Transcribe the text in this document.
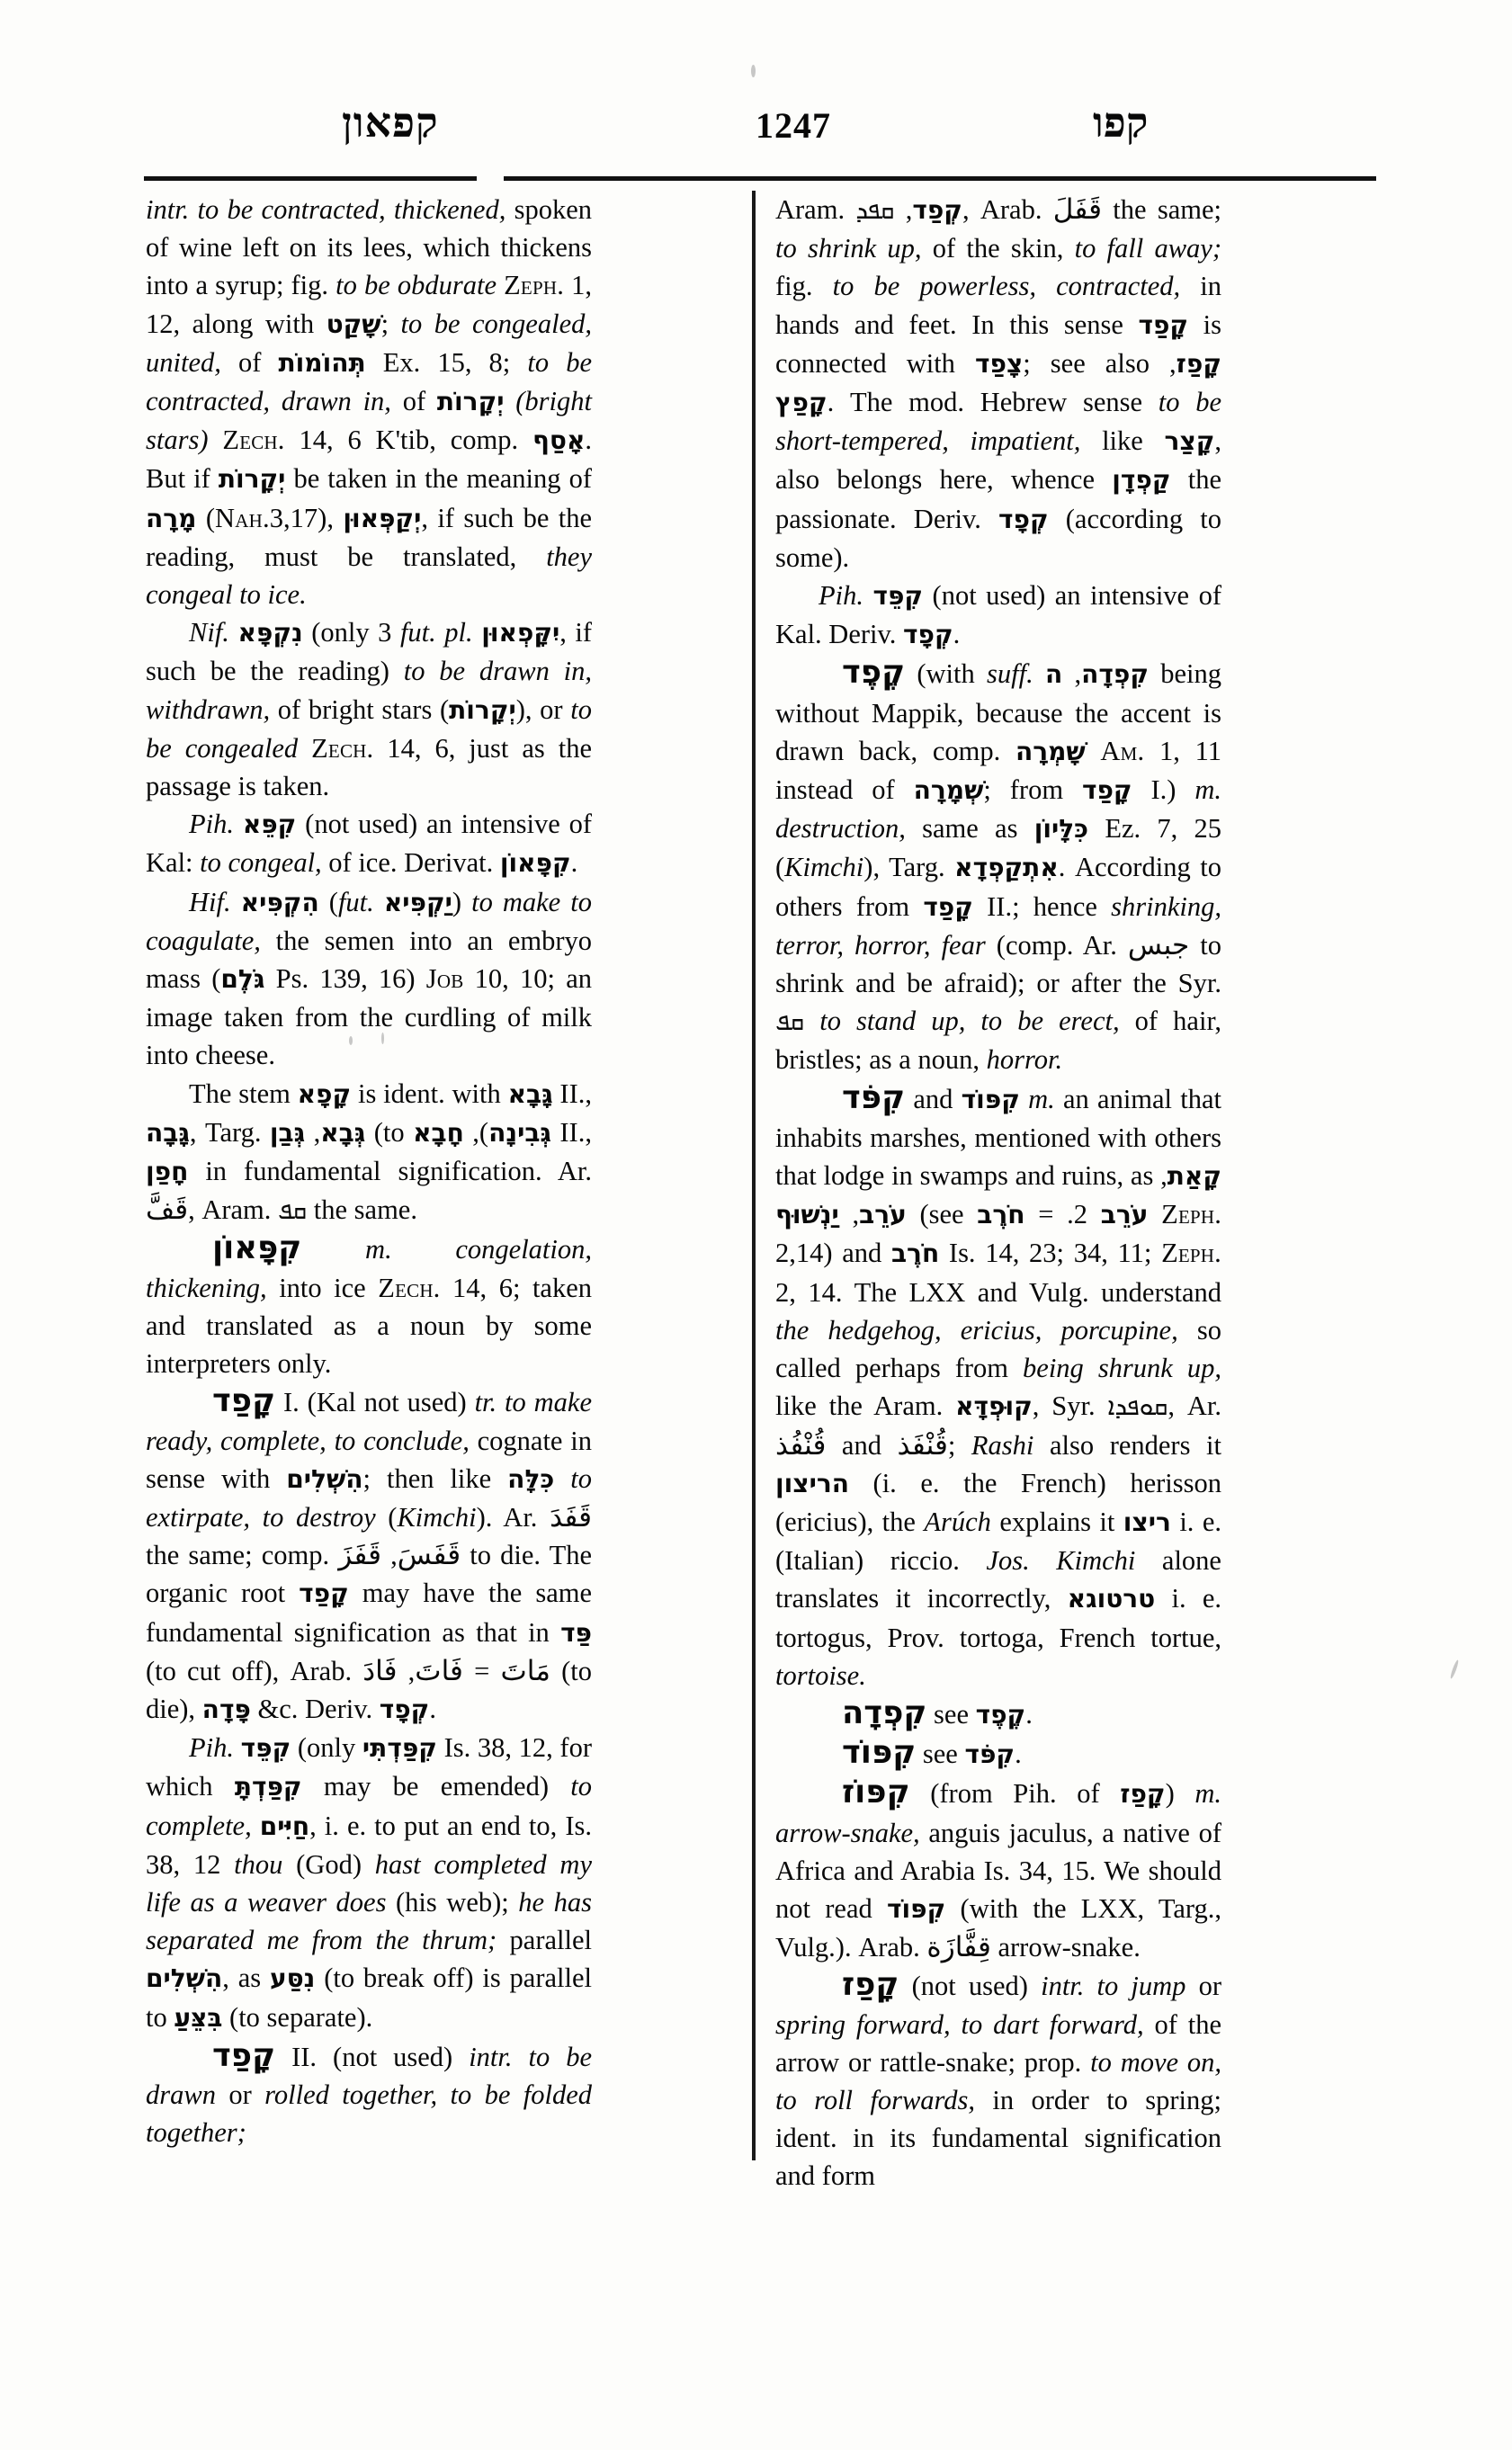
קפאון	1247	קפו

intr. to be contracted, thickened, spoken of wine left on its lees, which thickens into a syrup; fig. to be obdurate Zeph. 1, 12, along with שָׁקַט; to be congealed, united, of תְּהוֹמוֹת Ex. 15, 8; to be contracted, drawn in, of יְקָרוֹת (bright stars) Zech. 14, 6 K'tib, comp. אָסַף. But if יְקָרוֹת be taken in the meaning of מָרָה (Nah.3,17), יְקַפְּאוּן, if such be the reading, must be translated, they congeal to ice.

Nif. נִקְפָּא (only 3 fut. pl. יִקָּפְאוּן, if such be the reading) to be drawn in, withdrawn, of bright stars (יְקָרוֹת), or to be congealed Zech. 14, 6, just as the passage is taken.

Pih. קִפֵּא (not used) an intensive of Kal: to congeal, of ice. Derivat. קִפָּאוֹן.

Hif. הִקְפִּיא (fut. יַקְפִּיא) to make to coagulate, the semen into an embryo mass (גֹּלֶם Ps. 139, 16) Job 10, 10; an image taken from the curdling of milk into cheese.

The stem קָפָא is ident. with גָּבָא II., גָּבָה, Targ. גְּבָא, גְּבַן (to	גְּבִינָה), חָבָא	II., חָפַן in fundamental signification. Ar. قَفَّ, Aram. ܩܦ the same.

קִפָּאוֹן m. congelation, thickening, into ice Zech. 14, 6; taken and translated as a noun by some interpreters only.

קָפַד I. (Kal not used) tr. to make ready, complete, to conclude, cognate in sense with הִשְׁלִים; then like כִּלָּה to extirpate, to destroy (Kimchi). Ar. قَفَدَ the same; comp. قَفَسَ, قَفَزَ	to die. The organic root קָפַד may have the same fundamental signification as that in פַּד (to cut off), Arab.	مَاتَ = فَاتَ, فَادَ	(to die), פָּדָה &c. Deriv. קְפָד.

Pih. קִפֵּד (only קִפַּדְתִּי Is. 38, 12, for which קִפַּדְתָּ may be emended) to complete, חַיִּים, i. e. to put an end to, Is. 38, 12 thou (God) hast completed my life as a weaver does (his web); he has separated me from the thrum; parallel הִשְׁלִים, as נִסַּע (to break off) is parallel to בִּצֵּעַ (to separate).

קָפַד II. (not used) intr. to be drawn or rolled together, to be folded together;

Aram. קְפַד, ܩܦܕ , Arab. قَفَلَ the same; to shrink up, of the skin, to fall away; fig. to be powerless, contracted, in hands and feet. In this sense קָפַד is connected with צָפַד; see also קָפַז, קָפַץ. The mod. Hebrew sense to be short-tempered, impatient, like קָצַר, also belongs here, whence קַפְדָן the passionate. Deriv. קְפָד (according to some).

Pih. קִפֵּד (not used) an intensive of Kal. Deriv. קְפָד.

קֶפֶד (with suff. קִפְדָה, ה	being without Mappik, because the accent is drawn back, comp. שָׁמְרָה Am. 1, 11 instead of שְׁמָרָה; from קָפַד I.) m. destruction, same as כִּלָּיוֹן Ez. 7, 25 (Kimchi), Targ. אִתְקַפְדָא. According to others from קָפַד II.; hence shrinking, terror, horror, fear (comp. Ar. جبس to shrink and be afraid); or after the Syr. ܩܦ to stand up, to be erect, of hair, bristles; as a noun, horror.

קִפֹּד and קִפּוֹד m. an animal that inhabits marshes, mentioned with others that lodge in swamps and ruins, as קָאַת, עֹרֵב, יַנְשׁוּף (see	עֹרֵב 2. = חֹרֶב	Zeph. 2,14) and חֹרֶב Is. 14, 23; 34, 11; Zeph. 2, 14. The LXX and Vulg. understand the hedgehog, ericius, porcupine, so called perhaps from being shrunk up, like the Aram. קוּפְדָּא, Syr. ܩܘܦܕܐ, Ar. قُنْفُذ and قُنْفَذ; Rashi also renders it הריצון (i. e. the French) herisson (ericius), the Arúch explains it ריצו i. e. (Italian) riccio. Jos. Kimchi alone translates it incorrectly, טרטוגא i. e. tortogus, Prov. tortoga, French tortue, tortoise.

קִפְדָה see קֶפֶד.

קִפּוֹד see קִפֹּד.

קִפּוֹז (from Pih. of קָפַז) m. arrow-snake, anguis jaculus, a native of Africa and Arabia Is. 34, 15. We should not read קִפּוֹד (with the LXX, Targ., Vulg.). Arab. قِفَّازَة arrow-snake.

קָפַז (not used) intr. to jump or spring forward, to dart forward, of the arrow or rattle-snake; prop. to move on, to roll forwards, in order to spring; ident. in its fundamental signification and form
